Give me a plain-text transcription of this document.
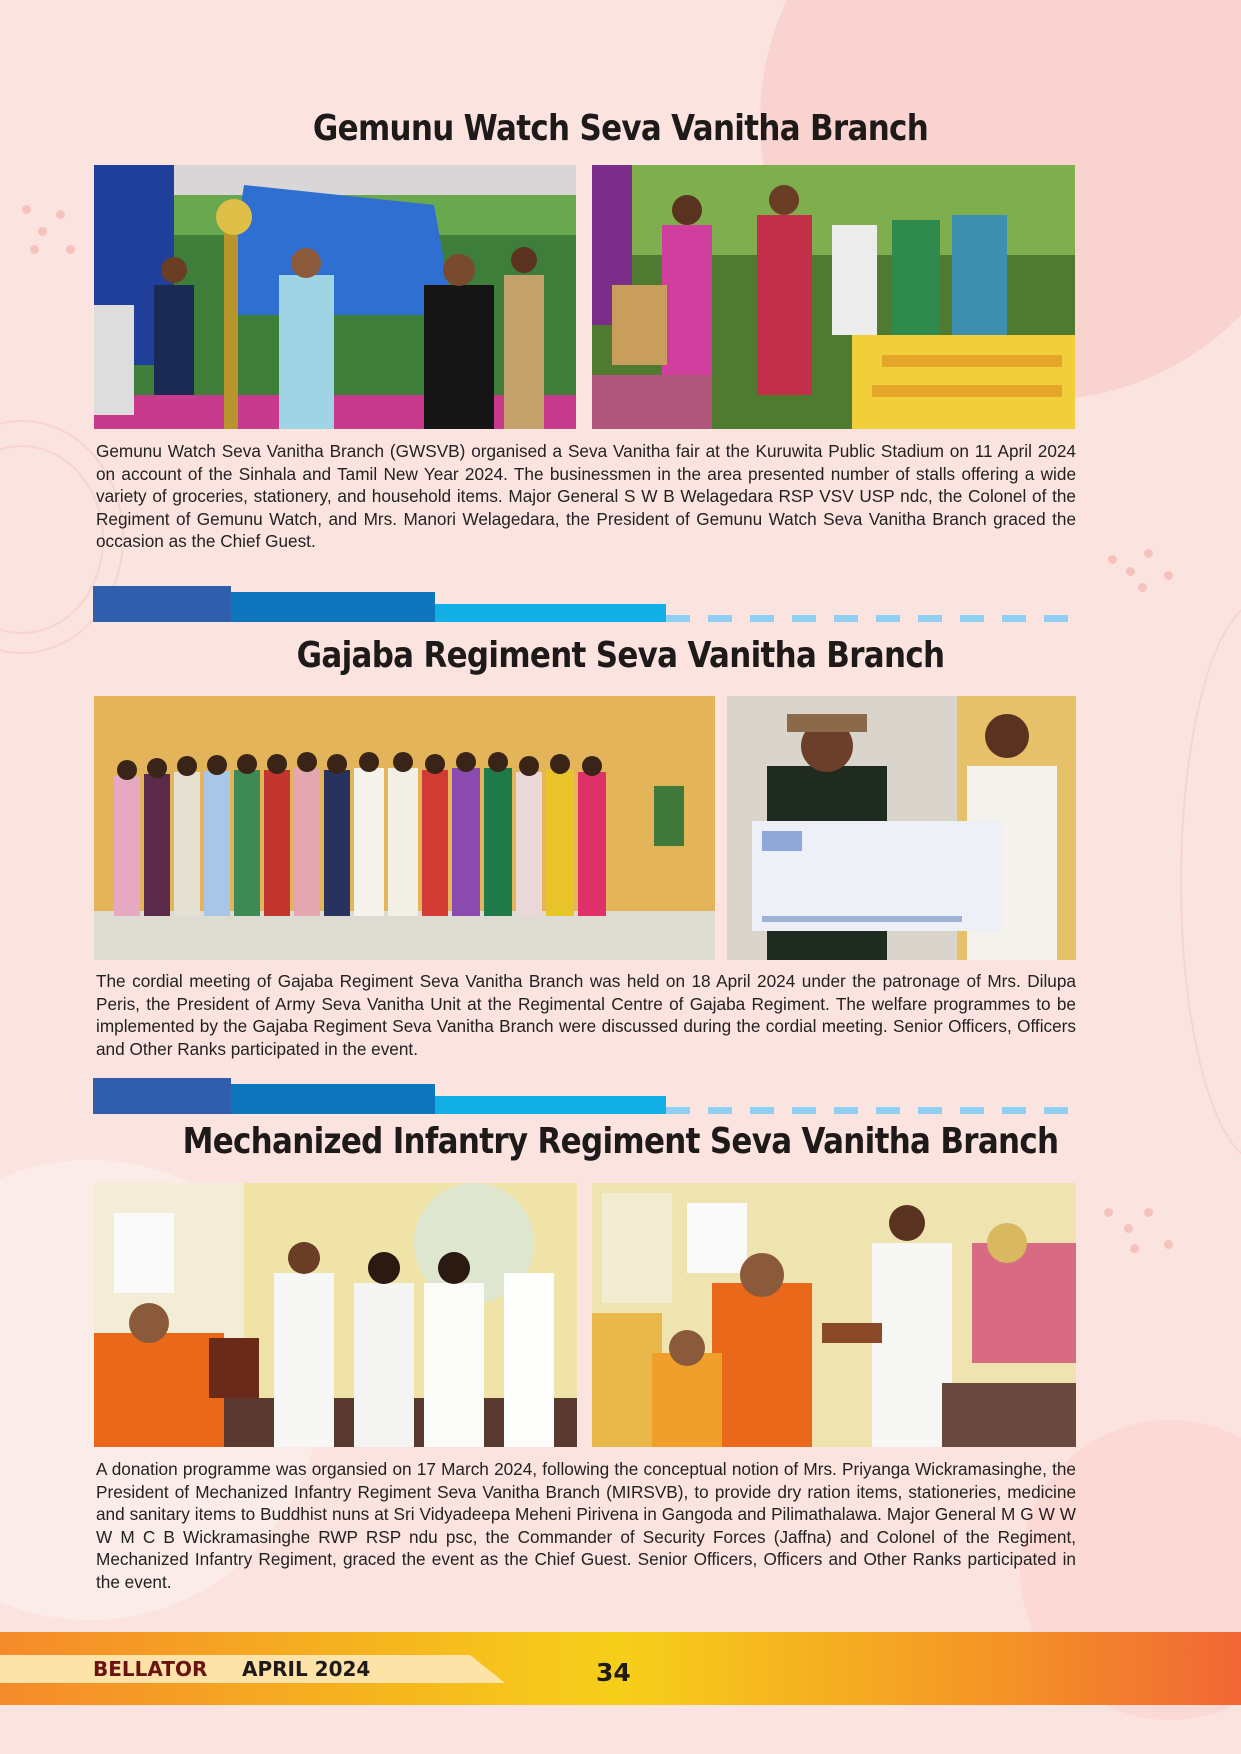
Gemunu Watch Seva Vanitha Branch

Gemunu Watch Seva Vanitha Branch (GWSVB) organised a Seva Vanitha fair at the Kuruwita Public Stadium on 11 April 2024 on account of the Sinhala and Tamil New Year 2024. The businessmen in the area presented number of stalls offering a wide variety of groceries, stationery, and household items. Major General S W B Welagedara RSP VSV USP ndc, the Colonel of the Regiment of Gemunu Watch, and Mrs. Manori Welagedara, the President of Gemunu Watch Seva Vanitha Branch graced the occasion as the Chief Guest.

Gajaba Regiment Seva Vanitha Branch

The cordial meeting of Gajaba Regiment Seva Vanitha Branch was held on 18 April 2024 under the patronage of Mrs. Dilupa Peris, the President of Army Seva Vanitha Unit at the Regimental Centre of Gajaba Regiment. The welfare programmes to be implemented by the Gajaba Regiment Seva Vanitha Branch were discussed during the cordial meeting. Senior Officers, Officers and Other Ranks participated in the event.

Mechanized Infantry Regiment Seva Vanitha Branch

A donation programme was organsied on 17 March 2024, following the conceptual notion of Mrs. Priyanga Wickramasinghe, the President of Mechanized Infantry Regiment Seva Vanitha Branch (MIRSVB), to provide dry ration items, stationeries, medicine and sanitary items to Buddhist nuns at Sri Vidyadeepa Meheni Pirivena in Gangoda and Pilimathalawa. Major General M G W W W M C B Wickramasinghe RWP RSP ndu psc, the Commander of Security Forces (Jaffna) and Colonel of the Regiment, Mechanized Infantry Regiment, graced the event as the Chief Guest. Senior Officers, Officers and Other Ranks participated in the event.

BELLATOR APRIL 2024	34
